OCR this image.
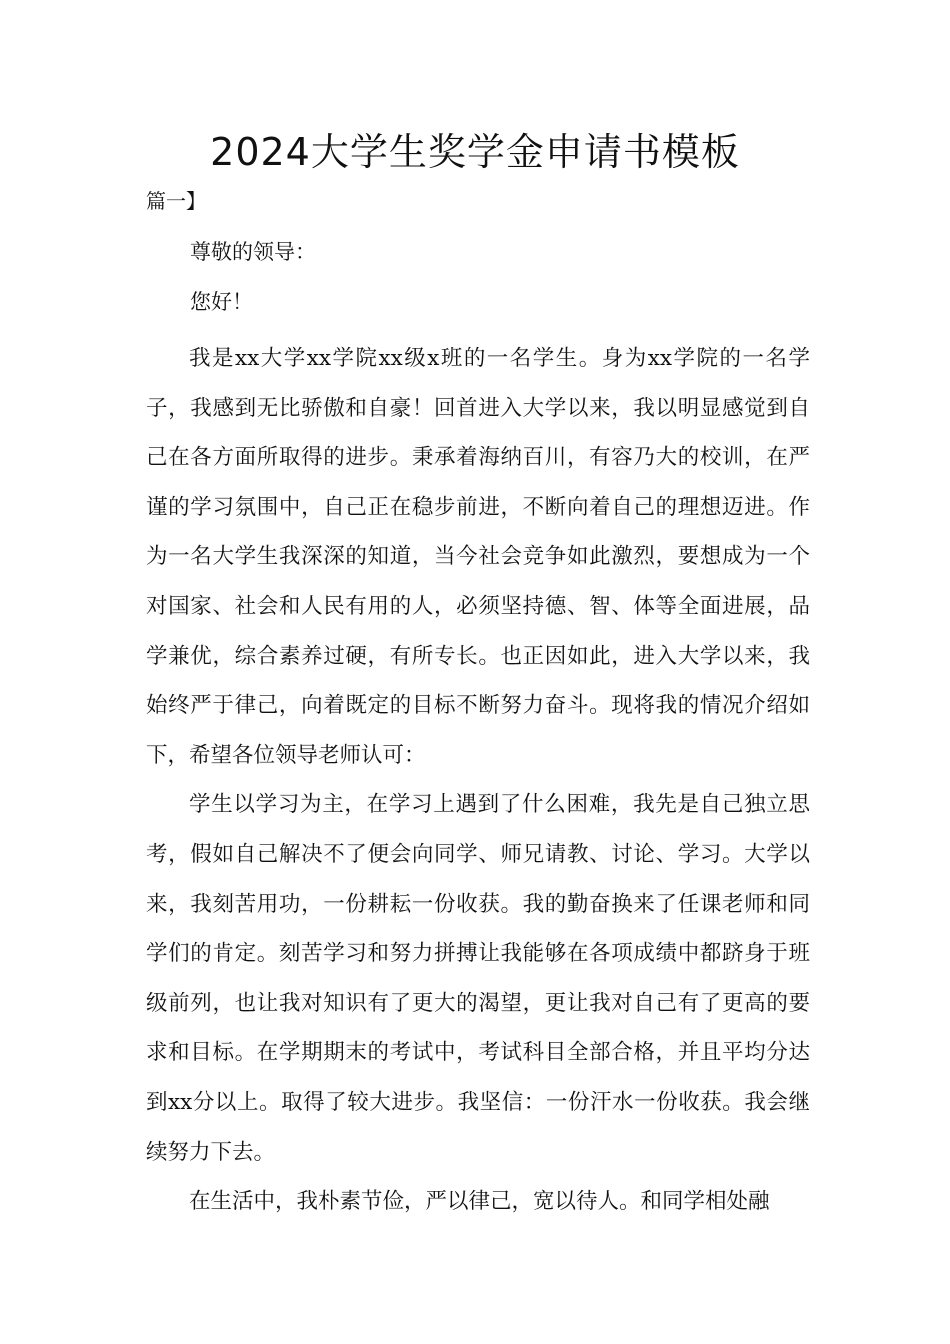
2024大学生奖学金申请书模板
篇一】
尊敬的领导：
您好！

我是xx大学xx学院xx级x班的一名学生。身为xx学院的一名学子，我感到无比骄傲和自豪！回首进入大学以来，我以明显感觉到自己在各方面所取得的进步。秉承着海纳百川，有容乃大的校训，在严谨的学习氛围中，自己正在稳步前进，不断向着自己的理想迈进。作为一名大学生我深深的知道，当今社会竞争如此激烈，要想成为一个对国家、社会和人民有用的人，必须坚持德、智、体等全面进展，品学兼优，综合素养过硬，有所专长。也正因如此，进入大学以来，我始终严于律己，向着既定的目标不断努力奋斗。现将我的情况介绍如下，希望各位领导老师认可：

学生以学习为主，在学习上遇到了什么困难，我先是自己独立思考，假如自己解决不了便会向同学、师兄请教、讨论、学习。大学以来，我刻苦用功，一份耕耘一份收获。我的勤奋换来了任课老师和同学们的肯定。刻苦学习和努力拼搏让我能够在各项成绩中都跻身于班级前列，也让我对知识有了更大的渴望，更让我对自己有了更高的要求和目标。在学期期末的考试中，考试科目全部合格，并且平均分达到xx分以上。取得了较大进步。我坚信：一份汗水一份收获。我会继续努力下去。

在生活中，我朴素节俭，严以律己，宽以待人。和同学相处融
